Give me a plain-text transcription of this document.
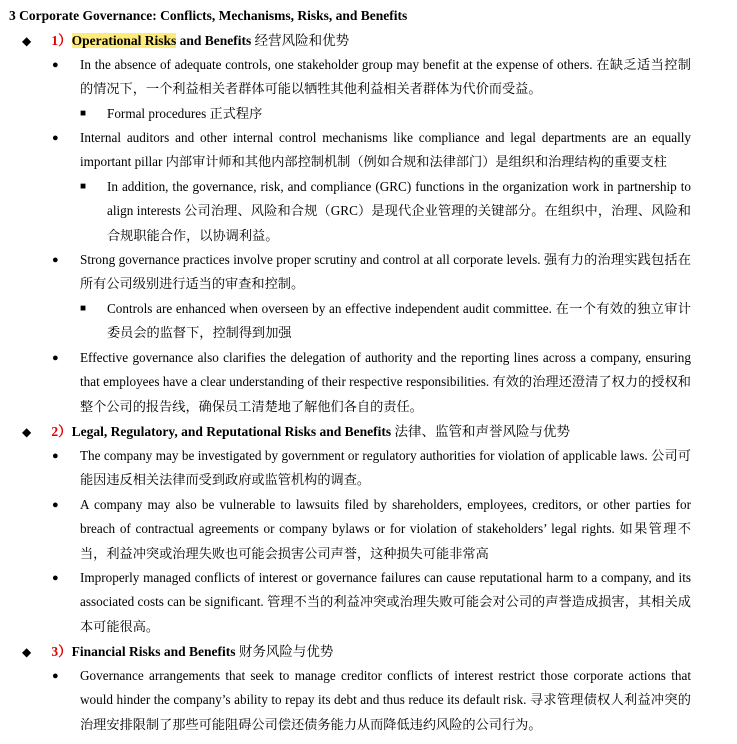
3 Corporate Governance: Conflicts, Mechanisms, Risks, and Benefits
◆ 1）Operational Risks and Benefits 经营风险和优势
● In the absence of adequate controls, one stakeholder group may benefit at the expense of others. 在缺乏适当控制的情况下，一个利益相关者群体可能以牺牲其他利益相关者群体为代价而受益。
■ Formal procedures 正式程序
● Internal auditors and other internal control mechanisms like compliance and legal departments are an equally important pillar 内部审计师和其他内部控制机制（例如合规和法律部门）是组织和治理结构的重要支柱
■ In addition, the governance, risk, and compliance (GRC) functions in the organization work in partnership to align interests 公司治理、风险和合规（GRC）是现代企业管理的关键部分。在组织中，治理、风险和合规职能合作，以协调利益。
● Strong governance practices involve proper scrutiny and control at all corporate levels. 强有力的治理实践包括在所有公司级别进行适当的审查和控制。
■ Controls are enhanced when overseen by an effective independent audit committee. 在一个有效的独立审计委员会的监督下，控制得到加强
● Effective governance also clarifies the delegation of authority and the reporting lines across a company, ensuring that employees have a clear understanding of their respective responsibilities. 有效的治理还澄清了权力的授权和整个公司的报告线，确保员工清楚地了解他们各自的责任。
◆ 2）Legal, Regulatory, and Reputational Risks and Benefits 法律、监管和声誉风险与优势
● The company may be investigated by government or regulatory authorities for violation of applicable laws. 公司可能因违反相关法律而受到政府或监管机构的调查。
● A company may also be vulnerable to lawsuits filed by shareholders, employees, creditors, or other parties for breach of contractual agreements or company bylaws or for violation of stakeholders’ legal rights. 如果管理不当，利益冲突或治理失败也可能会损害公司声誉，这种损失可能非常高
● Improperly managed conflicts of interest or governance failures can cause reputational harm to a company, and its associated costs can be significant. 管理不当的利益冲突或治理失败可能会对公司的声誉造成损害，其相关成本可能很高。
◆ 3）Financial Risks and Benefits 财务风险与优势
● Governance arrangements that seek to manage creditor conflicts of interest restrict those corporate actions that would hinder the company’s ability to repay its debt and thus reduce its default risk. 寻求管理债权人利益冲突的治理安排限制了那些可能阻碍公司偿还债务能力从而降低违约风险的公司行为。
